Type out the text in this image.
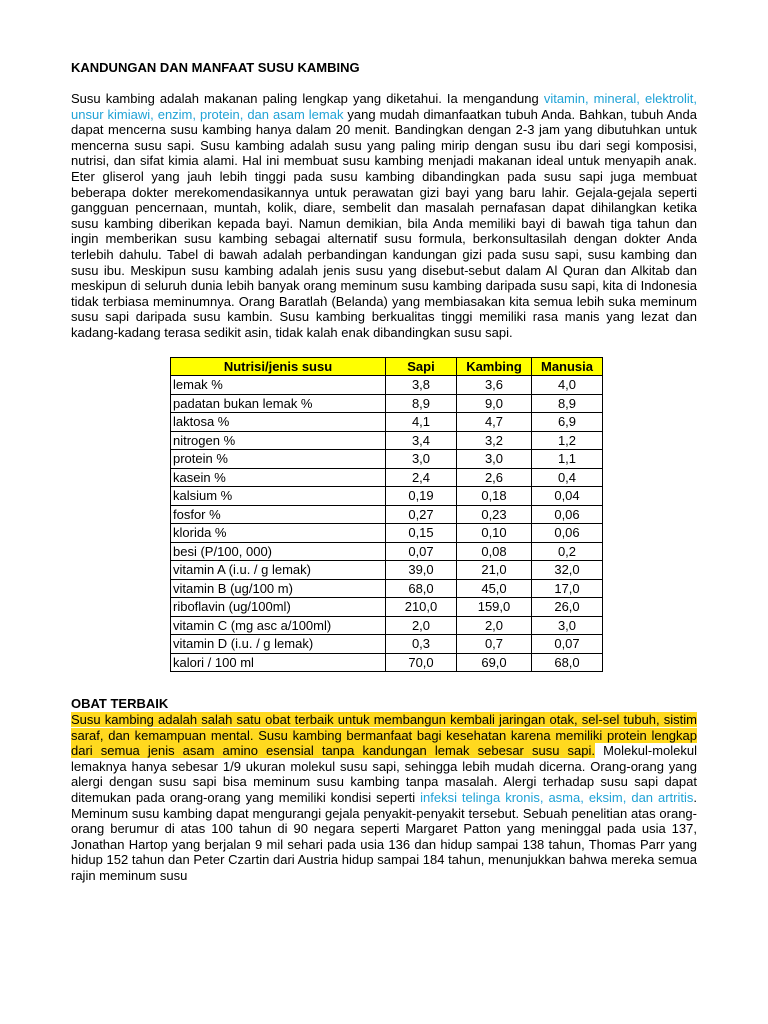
KANDUNGAN DAN MANFAAT SUSU KAMBING

Susu kambing adalah makanan paling lengkap yang diketahui. Ia mengandung vitamin, mineral, elektrolit, unsur kimiawi, enzim, protein, dan asam lemak yang mudah dimanfaatkan tubuh Anda. Bahkan, tubuh Anda dapat mencerna susu kambing hanya dalam 20 menit. Bandingkan dengan 2-3 jam yang dibutuhkan untuk mencerna susu sapi. Susu kambing adalah susu yang paling mirip dengan susu ibu dari segi komposisi, nutrisi, dan sifat kimia alami. Hal ini membuat susu kambing menjadi makanan ideal untuk menyapih anak. Eter gliserol yang jauh lebih tinggi pada susu kambing dibandingkan pada susu sapi juga membuat beberapa dokter merekomendasikannya untuk perawatan gizi bayi yang baru lahir. Gejala-gejala seperti gangguan pencernaan, muntah, kolik, diare, sembelit dan masalah pernafasan dapat dihilangkan ketika susu kambing diberikan kepada bayi. Namun demikian, bila Anda memiliki bayi di bawah tiga tahun dan ingin memberikan susu kambing sebagai alternatif susu formula, berkonsultasilah dengan dokter Anda terlebih dahulu. Tabel di bawah adalah perbandingan kandungan gizi pada susu sapi, susu kambing dan susu ibu. Meskipun susu kambing adalah jenis susu yang disebut-sebut dalam Al Quran dan Alkitab dan meskipun di seluruh dunia lebih banyak orang meminum susu kambing daripada susu sapi, kita di Indonesia tidak terbiasa meminumnya. Orang Baratlah (Belanda) yang membiasakan kita semua lebih suka meminum susu sapi daripada susu kambin. Susu kambing berkualitas tinggi memiliki rasa manis yang lezat dan kadang-kadang terasa sedikit asin, tidak kalah enak dibandingkan susu sapi.

Nutrisi/jenis susu	Sapi	Kambing	Manusia
lemak %	3,8	3,6	4,0
padatan bukan lemak %	8,9	9,0	8,9
laktosa %	4,1	4,7	6,9
nitrogen %	3,4	3,2	1,2
protein %	3,0	3,0	1,1
kasein %	2,4	2,6	0,4
kalsium %	0,19	0,18	0,04
fosfor %	0,27	0,23	0,06
klorida %	0,15	0,10	0,06
besi (P/100, 000)	0,07	0,08	0,2
vitamin A (i.u. / g lemak)	39,0	21,0	32,0
vitamin B (ug/100 m)	68,0	45,0	17,0
riboflavin (ug/100ml)	210,0	159,0	26,0
vitamin C (mg asc a/100ml)	2,0	2,0	3,0
vitamin D (i.u. / g lemak)	0,3	0,7	0,07
kalori / 100 ml	70,0	69,0	68,0
OBAT TERBAIK

Susu kambing adalah salah satu obat terbaik untuk membangun kembali jaringan otak, sel-sel tubuh, sistim saraf, dan kemampuan mental. Susu kambing bermanfaat bagi kesehatan karena memiliki protein lengkap dari semua jenis asam amino esensial tanpa kandungan lemak sebesar susu sapi. Molekul-molekul lemaknya hanya sebesar 1/9 ukuran molekul susu sapi, sehingga lebih mudah dicerna. Orang-orang yang alergi dengan susu sapi bisa meminum susu kambing tanpa masalah. Alergi terhadap susu sapi dapat ditemukan pada orang-orang yang memiliki kondisi seperti infeksi telinga kronis, asma, eksim, dan artritis. Meminum susu kambing dapat mengurangi gejala penyakit-penyakit tersebut. Sebuah penelitian atas orang-orang berumur di atas 100 tahun di 90 negara seperti Margaret Patton yang meninggal pada usia 137, Jonathan Hartop yang berjalan 9 mil sehari pada usia 136 dan hidup sampai 138 tahun, Thomas Parr yang hidup 152 tahun dan Peter Czartin dari Austria hidup sampai 184 tahun, menunjukkan bahwa mereka semua rajin meminum susu
